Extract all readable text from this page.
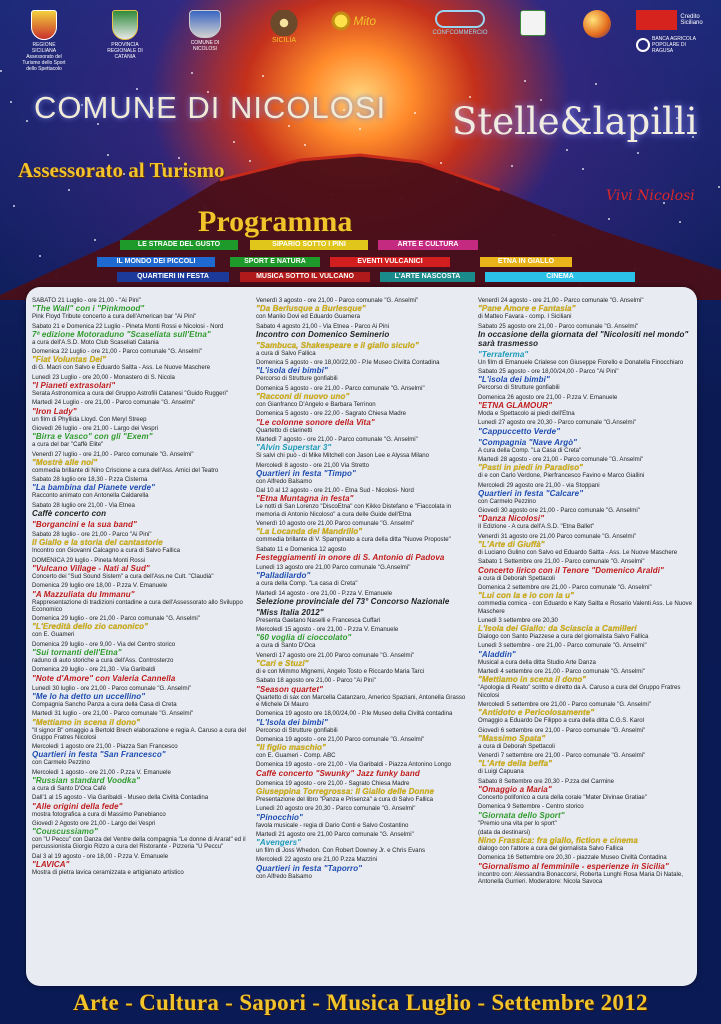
REGIONE SICILIANA Assessorato del Turismo dello Sport dello Spettacolo
PROVINCIA REGIONALE DI CATANIA
COMUNE DI NICOLOSI
SICILIA
Mito
CONFCOMMERCIO
Credito Siciliano
BANCA AGRICOLA POPOLARE DI RAGUSA
COMUNE DI NICOLOSI
Assessorato al Turismo
Stelle&lapilli
Vivi Nicolosi
Programma
LE STRADE DEL GUSTO	SIPARIO SOTTO I PINI	ARTE E CULTURA
IL MONDO DEI PICCOLI	SPORT E NATURA	EVENTI VULCANICI	ETNA IN GIALLO
QUARTIERI IN FESTA	MUSICA SOTTO IL VULCANO	L'ARTE NASCOSTA	CINEMA
SABATO 21 Luglio - ore 21,00 - "Ai Pini"
"The Wall" con i "Pinkmood"
Pink Floyd Tribute concerto a cura dell'American bar "Ai Pini"
Sabato 21 e Domenica 22 Luglio - Pineta Monti Rossi e Nicolosi - Nord
7ª edizione Motoraduno "Scaseliata sull'Etna"
a cura dell'A.S.D. Moto Club Scaseliati Catania
Domenica 22 Luglio - ore 21,00 - Parco comunale "G. Anselmi"
"Fiat Voluntas Dei"
di G. Macri con Salvo e Eduardo Saitta - Ass. Le Nuove Maschere
Lunedì 23 Luglio - ore 20,00 - Monastero di S. Nicola
"I Pianeti extrasolari"
Serata Astronomica a cura del Gruppo Astrofili Catanesi "Guido Ruggeri"
Martedì 24 Luglio - ore 21,00 - Parco comunale "G. Anselmi"
"Iron Lady"
un film di Phyllida Lloyd. Con Meryl Streep
Giovedì 26 luglio - ore 21,00 - Largo dei Vespri
"Birra e Vasco" con gli "Exem"
a cura del bar "Caffè Elite"
Venerdì 27 luglio - ore 21,00 - Parco comunale "G. Anselmi"
"Mostrè alle noi"
commedia brillante di Nino Criscione a cura dell'Ass. Amici del Teatro
Sabato 28 luglio ore 18,30 - P.zza Cisterna
"La bambina dal Pianete verde"
Racconto animato con Antonella Caldarella
Sabato 28 luglio ore 21,00 - Via Etnea
Caffè concerto con
"Borgancini e la sua band"
Sabato 28 luglio - ore 21,00 - Parco "Ai Pini"
Il Giallo e la storia del cantastorie
Incontro con Giovanni Calcagno a cura di Salvo Fallica
DOMENICA 29 luglio - Pineta Monti Rossi
"Vulcano Village - Nati al Sud"
Concerto dei "Sud Sound Sistem" a cura dell'Ass.ne Cult. "Claudià"
Domenica 29 luglio ore 18,00 - P.zza V. Emanuele
"A Mazzuliata du Immanu"
Rappresentazione di tradizioni contadine a cura dell'Assessorato allo Sviluppo Economico
Domenica 29 luglio - ore 21,00 - Parco comunale "G. Anselmi"
"L'Eredità dello zio canonico"
con E. Guameri
Domenica 29 luglio - ore 9,00 - Via del Centro storico
"Sui tornanti dell'Etna"
raduno di auto storiche a cura dell'Ass. Controsterzo
Domenica 29 luglio - ore 21,30 - Via Garibaldi
"Note d'Amore" con Valeria Cannella
Lunedì 30 luglio - ore 21,00 - Parco comunale "G. Anselmi"
"Me lo ha detto un uccellino"
Compagnia Sancho Panza a cura della Casa di Creta
Martedì 31 luglio - ore 21,00 - Parco comunale "G. Anselmi"
"Mettiamo in scena il dono"
"Il signor B" omaggio a Bertold Brech elaborazione e regia A. Caruso a cura del Gruppo Fratres Nicolosi
Mercoledì 1 agosto ore 21,00 - Piazza San Francesco
Quartieri in festa "San Francesco"
con Carmelo Pezzino
Mercoledì 1 agosto - ore 21,00 - P.zza V. Emanuele
"Russian standard Voodka"
a cura di Santo D'Oca Café
Dall'1 al 15 agosto - Via Garibaldi - Museo della Civiltà Contadina
"Alle origini della fede"
mostra fotografica a cura di Massimo Panebianco
Giovedì 2 Agosto ore 21,00 - Largo dei Vespri
"Couscussiamo"
con "U Peccu" con Danza del Ventre della compagnia "Le donne di Ararat" ed il percussionista Giorgio Rizzo a cura del Ristorante - Pizzeria "U Peccu"
Dal 3 al 19 agosto - ore 18,00 - P.zza V. Emanuele
"LAVICA"
Mostra di pietra lavica ceramizzata e artigianato artistico
Venerdì 3 agosto - ore 21,00 - Parco comunale "G. Anselmi"
"Da Berlusque a Burlesque"
con Manlio Dovi ed Eduardo Guarnera
Sabato 4 agosto 21,00 - Via Etnea - Parco Ai Pini
Incontro con Domenico Seminerio
"Sambuca, Shakespeare e il giallo siculo"
a cura di Salvo Fallica
Domenica 5 agosto - ore 18,00/22,00 - P.le Museo Civiltà Contadina
"L'isola dei bimbi"
Percorso di Strutture gonfiabili
Domenica 5 agosto - ore 21,00 - Parco comunale "G. Anselmi"
"Racconi di nuovo uno"
con Gianfranco D'Angelo e Barbara Terrinon
Domenica 5 agosto - ore 22,00 - Sagrato Chiesa Madre
"Le colonne sonore della Vita"
Quartetto di clarinetti
Martedì 7 agosto - ore 21,00 - Parco comunale "G. Anselmi"
"Alvin Superstar 3"
Si salvi chi può - di Mike Mitchell con Jason Lee e Alyssa Milano
Mercoledì 8 agosto - ore 21,00 Via Stretto
Quartieri in festa "Timpo"
con Alfredo Balsamo
Dal 10 al 12 agosto - ore 21,00 - Etna Sud - Nicolosi- Nord
"Etna Muntagna in festa"
Le notti di San Lorenzo "DiscoEtna" con Kikko Distefano e "Fiaccolata in memoria di Antonio Nicoloso" a cura delle Guide dell'Etna
Venerdì 10 agosto ore 21,00 Parco comunale "G. Anselmi"
"La Locanda del Mandrillo"
commedia brillante di V. Spampinato a cura della ditta "Nuove Proposte"
Sabato 11 e Domenica 12 agosto
Festeggiamenti in onore di S. Antonio di Padova
Lunedì 13 agosto ore 21,00 Parco comunale "G.Anselmi"
"Palladilardo"
a cura della Comp. "La casa di Creta"
Martedì 14 agosto - ore 21,00 - P.zza V. Emanuele
Selezione provinciale del 73° Concorso Nazionale
"Miss Italia 2012"
Presenta Gaetano Naselli e Francesca Cuffari
Mercoledì 15 agosto - ore 21,00 - P.zza V. Emanuele
"60 voglia di cioccolato"
a cura di Santo D'Oca
Venerdì 17 agosto ore 21,00 Parco comunale "G. Anselmi"
"Cari e Stuzi"
di e con Mimmo Mignemi, Angelo Tosto e Riccardo Maria Tarci
Sabato 18 agosto ore 21,00 - Parco "Ai Pini"
"Season quartet"
Quartetto di sax con Marcella Catanzaro, Americo Spaziani, Antonella Grasso e Michele Di Mauro
Domenica 19 agosto ore 18,00/24,00 - P.le Museo della Civiltà contadina
"L'Isola dei bimbi"
Percorso di Strutture gonfiabili
Domenica 19 agosto - ore 21,00 Parco comunale "G. Anselmi"
"Il figlio maschio"
con E. Guameri - Comp. ABC
Domenica 19 agosto - ore 21,00 - Via Garibaldi - Piazza Antonino Longo
Caffè concerto "Swunky" Jazz funky band
Domenica 19 agosto - ore 21,00 - Sagrato Chiesa Madre
Giuseppina Torregrossa: Il Giallo delle Donne
Presentazione del libro "Panza e Prisenza" a cura di Salvo Fallica
Lunedì 20 agosto ore 20,30 - Parco comunale "G. Anselmi"
"Pinocchio"
favola musicale - regia di Dario Conti e Salvo Costantino
Martedì 21 agosto ore 21,00 Parco comunale "G. Anselmi"
"Avengers"
un film di Joss Whedon. Con Robert Downey Jr. e Chris Evans
Mercoledì 22 agosto ore 21,00 P.zza Mazzini
Quartieri in festa "Taporro"
con Alfredo Balsamo
Venerdì 24 agosto - ore 21,00 - Parco comunale "G. Anselmi"
"Pane Amore e Fantasia"
di Matteo Favara - comp. I Siciliani
Sabato 25 agosto ore 21,00 - Parco comunale "G. Anselmi"
In occasione della giornata del "Nicolositi nel mondo" sarà trasmesso
"Terraferma"
Un film di Emanuele Crialese con Giuseppe Fiorello e Donatella Finocchiaro
Sabato 25 agosto - ore 18,00/24,00 - Parco "Ai Pini"
"L'isola dei bimbi"
Percorso di Strutture gonfiabili
Domenica 26 agosto ore 21,00 - P.zza V. Emanuele
"ETNA GLAMOUR"
Moda e Spettacolo ai piedi dell'Etna
Lunedì 27 agosto ore 20,30 - Parco comunale "G.Anselmi"
"Cappuccetto Verde"
"Compagnia "Nave Argò"
A cura della Comp. "La Casa di Creta"
Martedì 28 agosto - ore 21,00 - Parco comunale "G. Anselmi"
"Pasti in piedi in Paradiso"
di e con Carlo Verdone, Pierfrancesco Favino e Marco Giallini
Mercoledì 29 agosto ore 21,00 - via Stoppani
Quartieri in festa "Calcare"
con Carmelo Pezzino
Giovedì 30 agosto ore 21,00 - Parco comunale "G. Anselmi"
"Danza Nicolosi"
II Edizione - A cura dell'A.S.D. "Etna Ballet"
Venerdì 31 agosto ore 21,00 Parco comunale "G. Anselmi"
"L'Arte di Giuffà"
di Luciano Gulino con Salvo ed Eduardo Saitta - Ass. Le Nuove Maschere
Sabato 1 Settembre ore 21,00 - Parco comunale "G. Anselmi"
Concerto lirico con il Tenore "Domenico Araldi"
a cura di Deborah Spettacoli
Domenica 2 settembre ore 21,00 - Parco comunale "G. Anselmi"
"Lui con la e io con la u"
commedia comica - con Eduardo e Katy Saitta e Rosario Valenti Ass. Le Nuove Maschere
Lunedì 3 settembre ore 20,30
L'Isola dei Giallo: da Sciascia a Camilleri
Dialogo con Santo Piazzese a cura del giornalista Salvo Fallica
Lunedì 3 settembre - ore 21,00 - Parco comunale "G. Anselmi"
"Aladdin"
Musical a cura della ditta Studio Arte Danza
Martedì 4 settembre ore 21,00 - Parco comunale "G. Anselmi"
"Mettiamo in scena il dono"
"Apologia di Reato" scritto e diretto da A. Caruso a cura del Gruppo Fratres Nicolosi
Mercoledì 5 settembre ore 21,00 - Parco comunale "G. Anselmi"
"Antidoto e Pericolosamente"
Omaggio a Eduardo De Filippo a cura della ditta C.G.S. Karol
Giovedì 6 settembre ore 21,00 - Parco comunale "G. Anselmi"
"Massimo Spata"
a cura di Deborah Spettacoli
Venerdì 7 settembre ore 21,00 - Parco comunale "G. Anselmi"
"L'Arte della beffa"
di Luigi Capuana
Sabato 8 Settembre ore 20,30 - P.zza del Carmine
"Omaggio a Maria"
Concerto polifonico a cura della corale "Mater Divinae Gratiae"
Domenica 9 Settembre - Centro storico
"Giornata dello Sport"
"Premio una vita per lo sport"
(data da destinarsi)
Nino Frassica: fra giallo, fiction e cinema
dialogo con l'attore a cura del giornalista Salvo Fallica
Domenica 16 Settembre ore 20,30 - piazzale Museo Civiltà Contadina
"Giornalismo al femminile - esperienze in Sicilia"
incontro con: Alessandra Bonaccorsi, Roberta Lunghi Rosa Maria Di Natale, Antonella Gurrieri. Moderatore: Nicola Savoca
Arte - Cultura - Sapori - Musica Luglio - Settembre 2012
